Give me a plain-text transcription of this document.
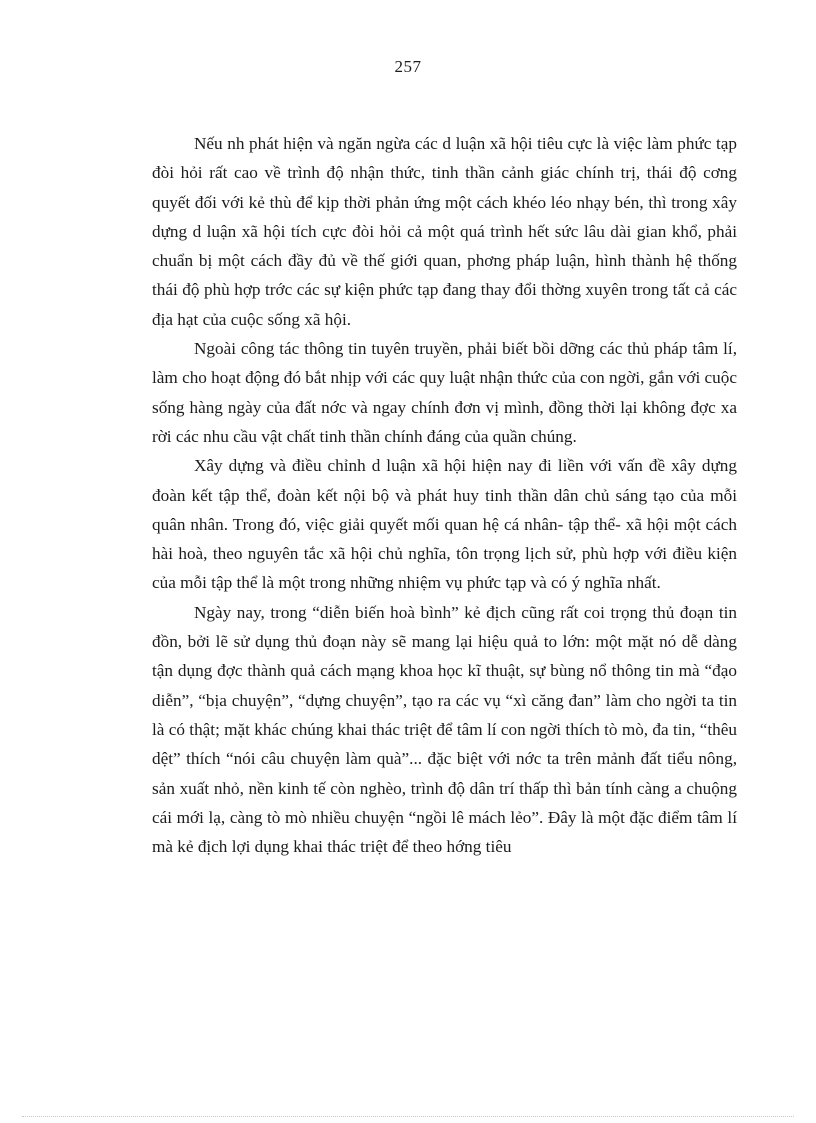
257

Nếu nh phát hiện và ngăn ngừa các d luận xã hội tiêu cực là việc làm phức tạp đòi hỏi rất cao về trình độ nhận thức, tinh thần cảnh giác chính trị, thái độ cơng quyết đối với kẻ thù để kịp thời phản ứng một cách khéo léo nhạy bén, thì trong xây dựng d luận xã hội tích cực đòi hỏi cả một quá trình hết sức lâu dài gian khổ, phải chuẩn bị một cách đầy đủ về thế giới quan, phơng pháp luận, hình thành hệ thống thái độ phù hợp trớc các sự kiện phức tạp đang thay đổi thờng xuyên trong tất cả các địa hạt của cuộc sống xã hội.

Ngoài công tác thông tin tuyên truyền, phải biết bồi dỡng các thủ pháp tâm lí, làm cho hoạt động đó bắt nhịp với các quy luật nhận thức của con ngời, gắn với cuộc sống hàng ngày của đất nớc và ngay chính đơn vị mình, đồng thời lại không đợc xa rời các nhu cầu vật chất tinh thần chính đáng của quần chúng.

Xây dựng và điều chỉnh d luận xã hội hiện nay đi liền với vấn đề xây dựng đoàn kết tập thể, đoàn kết nội bộ và phát huy tinh thần dân chủ sáng tạo của mỗi quân nhân. Trong đó, việc giải quyết mối quan hệ cá nhân- tập thể- xã hội một cách hài hoà, theo nguyên tắc xã hội chủ nghĩa, tôn trọng lịch sử, phù hợp với điều kiện của mỗi tập thể là một trong những nhiệm vụ phức tạp và có ý nghĩa nhất.

Ngày nay, trong “diễn biến hoà bình” kẻ địch cũng rất coi trọng thủ đoạn tin đồn, bởi lẽ sử dụng thủ đoạn này sẽ mang lại hiệu quả to lớn: một mặt nó dễ dàng tận dụng đợc thành quả cách mạng khoa học kĩ thuật, sự bùng nổ thông tin mà “đạo diễn”, “bịa chuyện”, “dựng chuyện”, tạo ra các vụ “xì căng đan” làm cho ngời ta tin là có thật; mặt khác chúng khai thác triệt để tâm lí con ngời thích tò mò, đa tin, “thêu dệt” thích “nói câu chuyện làm quà”... đặc biệt với nớc ta trên mảnh đất tiểu nông, sản xuất nhỏ, nền kinh tế còn nghèo, trình độ dân trí thấp thì bản tính càng a chuộng cái mới lạ, càng tò mò nhiều chuyện “ngồi lê mách lẻo”. Đây là một đặc điểm tâm lí mà kẻ địch lợi dụng khai thác triệt để theo hớng tiêu
